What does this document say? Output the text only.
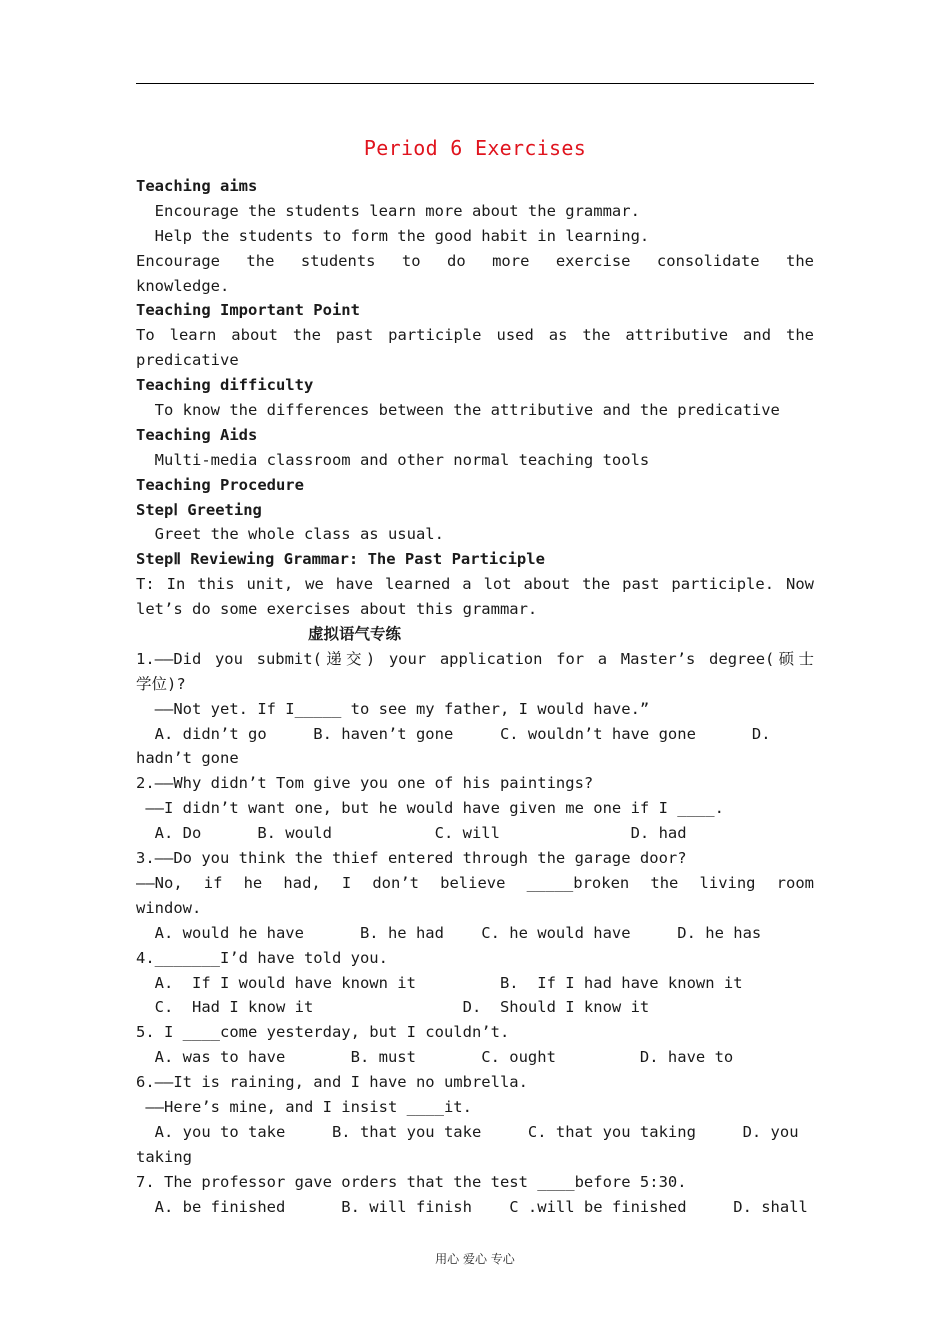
Period 6 Exercises
Teaching aims
Encourage the students learn more about the grammar.
Help the students to form the good habit in learning.
Encourage the students to do more exercise consolidate the
knowledge.
Teaching Important Point
To learn about the past participle used as the attributive and the
predicative
Teaching difficulty
To know the differences between the attributive and the predicative
Teaching Aids
Multi-media classroom and other normal teaching tools
Teaching Procedure
StepⅠ Greeting
Greet the whole class as usual.
StepⅡ Reviewing Grammar: The Past Participle
T: In this unit, we have learned a lot about the past participle. Now
let’s do some exercises about this grammar.
虚拟语气专练
1.——Did you submit(递交) your application for a Master’s degree(硕士
学位)?
——Not yet. If I_____ to see my father, I would have.”
A. didn’t go     B. haven’t gone     C. wouldn’t have gone      D.
hadn’t gone
2.——Why didn’t Tom give you one of his paintings?
——I didn’t want one, but he would have given me one if I ____.
A. Do      B. would           C. will              D. had
3.——Do you think the thief entered through the garage door?
——No, if he had, I don’t believe _____broken the living room
window.
A. would he have      B. he had    C. he would have     D. he has
4._______I’d have told you.
A.  If I would have known it         B.  If I had have known it
C.  Had I know it                D.  Should I know it
5. I ____come yesterday, but I couldn’t.
A. was to have       B. must       C. ought         D. have to
6.——It is raining, and I have no umbrella.
——Here’s mine, and I insist ____it.
A. you to take     B. that you take     C. that you taking     D. you
taking
7. The professor gave orders that the test ____before 5:30.
A. be finished      B. will finish    C .will be finished     D. shall
用心 爱心 专心
